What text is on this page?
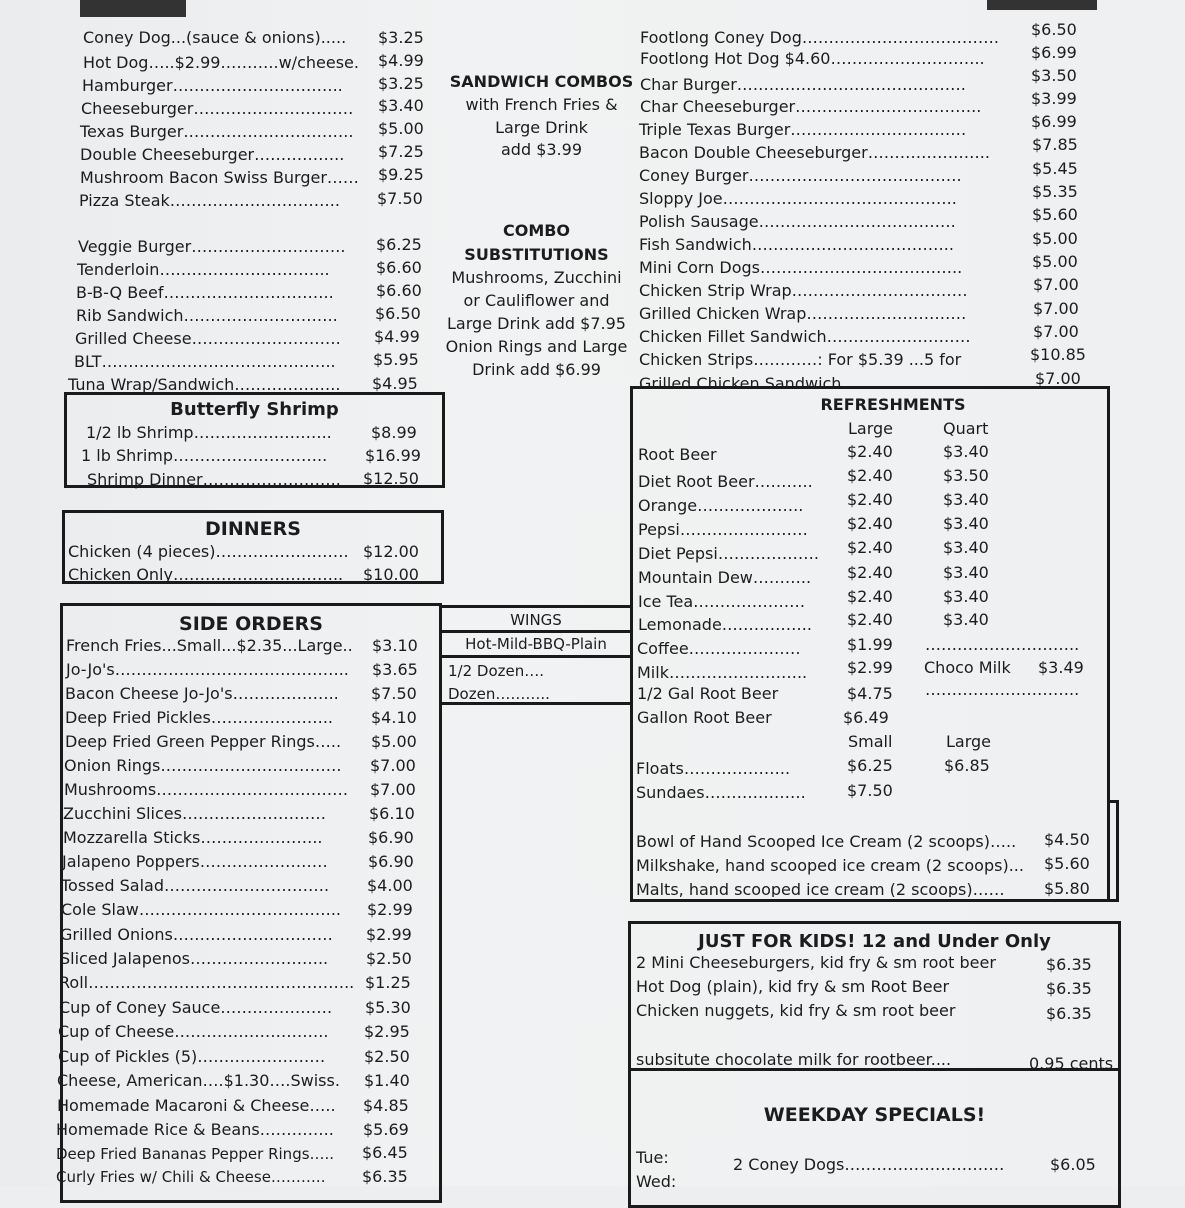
Coney Dog...(sauce & onions)..... $3.25
Hot Dog…..$2.99………..w/cheese. $4.99
Hamburger………………………….. $3.25
Cheeseburger………………………… $3.40
Texas Burger………………………….. $5.00
Double Cheeseburger…………….. $7.25
Mushroom Bacon Swiss Burger…… $9.25
Pizza Steak………………………….. $7.50
Veggie Burger……………………….. $6.25
Tenderloin…………………………..	$6.60
B-B-Q Beef…………………………..	$6.60
Rib Sandwich……………………….. $6.50
Grilled Cheese………………………. $4.99
BLT…………………………………….. $5.95
Tuna Wrap/Sandwich……………….. $4.95
SANDWICH COMBOS
with French Fries &
Large Drink
add $3.99
COMBO
SUBSTITUTIONS
Mushrooms, Zucchini
or Cauliflower and
Large Drink add $7.95
Onion Rings and Large
Drink add $6.99
Footlong Coney Dog………………………………. $6.50
Footlong Hot Dog $4.60………………………..	$6.99
Char Burger…………………………………….	$3.50
Char Cheeseburger……………………………..	$3.99
Triple Texas Burger……………………………	$6.99
Bacon Double Cheeseburger…………………..	$7.85
Coney Burger………………………………….	$5.45
Sloppy Joe……………………………………..	$5.35
Polish Sausage……………………………….	$5.60
Fish Sandwich………………………………..	$5.00
Mini Corn Dogs………………………………..	$5.00
Chicken Strip Wrap……………………………	$7.00
Grilled Chicken Wrap…………………………	$7.00
Chicken Fillet Sandwich………………………	$7.00
Chicken Strips…………: For $5.39 ...5 for	$10.85
Grilled Chicken Sandwich……………………….. $7.00
Butterfly Shrimp
1/2 lb Shrimp…………………….. $8.99
1 lb Shrimp……………………….. $16.99
Shrimp Dinner…………………….. $12.50
DINNERS
Chicken (4 pieces)……………………. $12.00
Chicken Only………………………….. $10.00
SIDE ORDERS
French Fries...Small...$2.35...Large.. $3.10
Jo-Jo's…………………………………….. $3.65
Bacon Cheese Jo-Jo's……………….. $7.50
Deep Fried Pickles………………….. $4.10
Deep Fried Green Pepper Rings….. $5.00
Onion Rings……………………………. $7.00
Mushrooms……………………………… $7.00
Zucchini Slices………………………	$6.10
Mozzarella Sticks…………………..	$6.90
Jalapeno Poppers……………………	$6.90
Tossed Salad…………………………. $4.00
Cole Slaw……………………………….. $2.99
Grilled Onions………………………… $2.99
Sliced Jalapenos…………………….. $2.50
Roll………………………………………….. $1.25
Cup of Coney Sauce………………… $5.30
Cup of Cheese……………………….. $2.95
Cup of Pickles (5)…………………… $2.50
Cheese, American….$1.30….Swiss. $1.40
Homemade Macaroni & Cheese….. $4.85
Homemade Rice & Beans………….. $5.69
Deep Fried Bananas Pepper Rings….. $6.45
Curly Fries w/ Chili & Cheese……….. $6.35
WINGS
Hot-Mild-BBQ-Plain
1/2 Dozen….
Dozen………..
REFRESHMENTS
Large	Quart
Root Beer	$2.40	$3.40
Diet Root Beer……….. $2.40	$3.50
Orange………………..	$2.40	$3.40
Pepsi…………………… $2.40	$3.40
Diet Pepsi………………. $2.40	$3.40
Mountain Dew……….. $2.40	$3.40
Ice Tea…………………	$2.40	$3.40
Lemonade…………….. $2.40	$3.40
Coffee…………………	$1.99 ………………………..
Milk…………………….. $2.99 Choco Milk $3.49
1/2 Gal Root Beer	$4.75 ………………………..
Gallon Root Beer	$6.49
Small	Large
Floats………………..	$6.25	$6.85
Sundaes……………….	$7.50
Bowl of Hand Scooped Ice Cream (2 scoops)….. $4.50
Milkshake, hand scooped ice cream (2 scoops)... $5.60
Malts, hand scooped ice cream (2 scoops)…… $5.80
JUST FOR KIDS! 12 and Under Only
2 Mini Cheeseburgers, kid fry & sm root beer	$6.35
Hot Dog (plain), kid fry & sm Root Beer	$6.35
Chicken nuggets, kid fry & sm root beer	$6.35
subsitute chocolate milk for rootbeer....	0.95 cents
WEEKDAY SPECIALS!
Tue:	2 Coney Dogs…………………………	$6.05
Wed:
